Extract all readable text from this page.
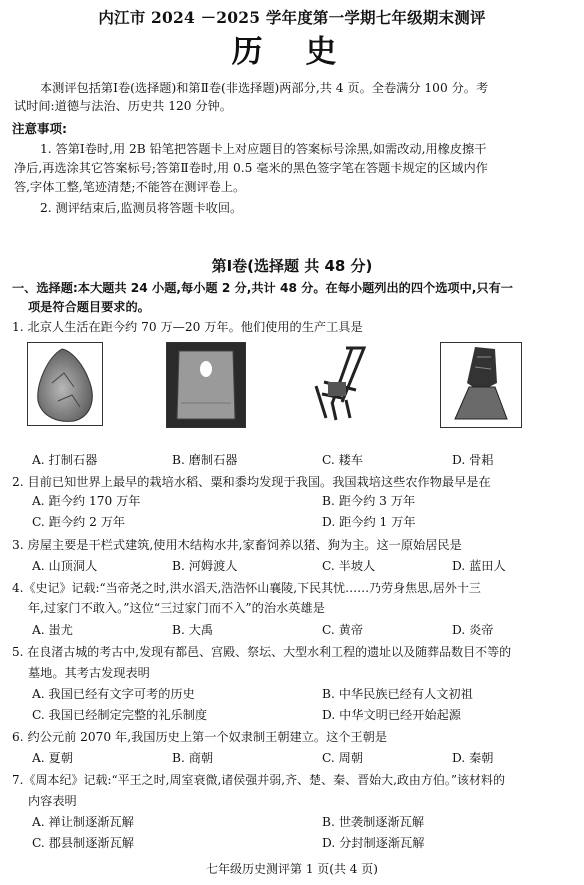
内江市 2024 －2025 学年度第一学期七年级期末测评
历 史
本测评包括第Ⅰ卷(选择题)和第Ⅱ卷(非选择题)两部分,共 4 页。全卷满分 100 分。考
试时间:道德与法治、历史共 120 分钟。
注意事项:
1. 答第Ⅰ卷时,用 2B 铅笔把答题卡上对应题目的答案标号涂黑,如需改动,用橡皮擦干
净后,再选涂其它答案标号;答第Ⅱ卷时,用 0.5 毫米的黑色签字笔在答题卡规定的区域内作
答,字体工整,笔迹清楚;不能答在测评卷上。
2. 测评结束后,监测员将答题卡收回。
第Ⅰ卷(选择题 共 48 分)
一、选择题:本大题共 24 小题,每小题 2 分,共计 48 分。在每小题列出的四个选项中,只有一
项是符合题目要求的。
1. 北京人生活在距今约 70 万—20 万年。他们使用的生产工具是
A. 打制石器	B. 磨制石器	C. 耧车	D. 骨耜
2. 目前已知世界上最早的栽培水稻、粟和黍均发现于我国。我国栽培这些农作物最早是在
A. 距今约 170 万年	B. 距今约 3 万年
C. 距今约 2 万年	D. 距今约 1 万年
3. 房屋主要是干栏式建筑,使用木结构水井,家畜饲养以猪、狗为主。这一原始居民是
A. 山顶洞人	B. 河姆渡人	C. 半坡人	D. 蓝田人
4.《史记》记载:“当帝尧之时,洪水滔天,浩浩怀山襄陵,下民其忧……乃劳身焦思,居外十三
年,过家门不敢入。”这位“三过家门而不入”的治水英雄是
A. 蚩尤	B. 大禹	C. 黄帝	D. 炎帝
5. 在良渚古城的考古中,发现有都邑、宫殿、祭坛、大型水利工程的遗址以及随葬品数目不等的
墓地。其考古发现表明
A. 我国已经有文字可考的历史	B. 中华民族已经有人文初祖
C. 我国已经制定完整的礼乐制度	D. 中华文明已经开始起源
6. 约公元前 2070 年,我国历史上第一个奴隶制王朝建立。这个王朝是
A. 夏朝	B. 商朝	C. 周朝	D. 秦朝
7.《周本纪》记载:“平王之时,周室衰微,诸侯强并弱,齐、楚、秦、晋始大,政由方伯。”该材料的
内容表明
A. 禅让制逐渐瓦解	B. 世袭制逐渐瓦解
C. 郡县制逐渐瓦解	D. 分封制逐渐瓦解
七年级历史测评第 1 页(共 4 页)
